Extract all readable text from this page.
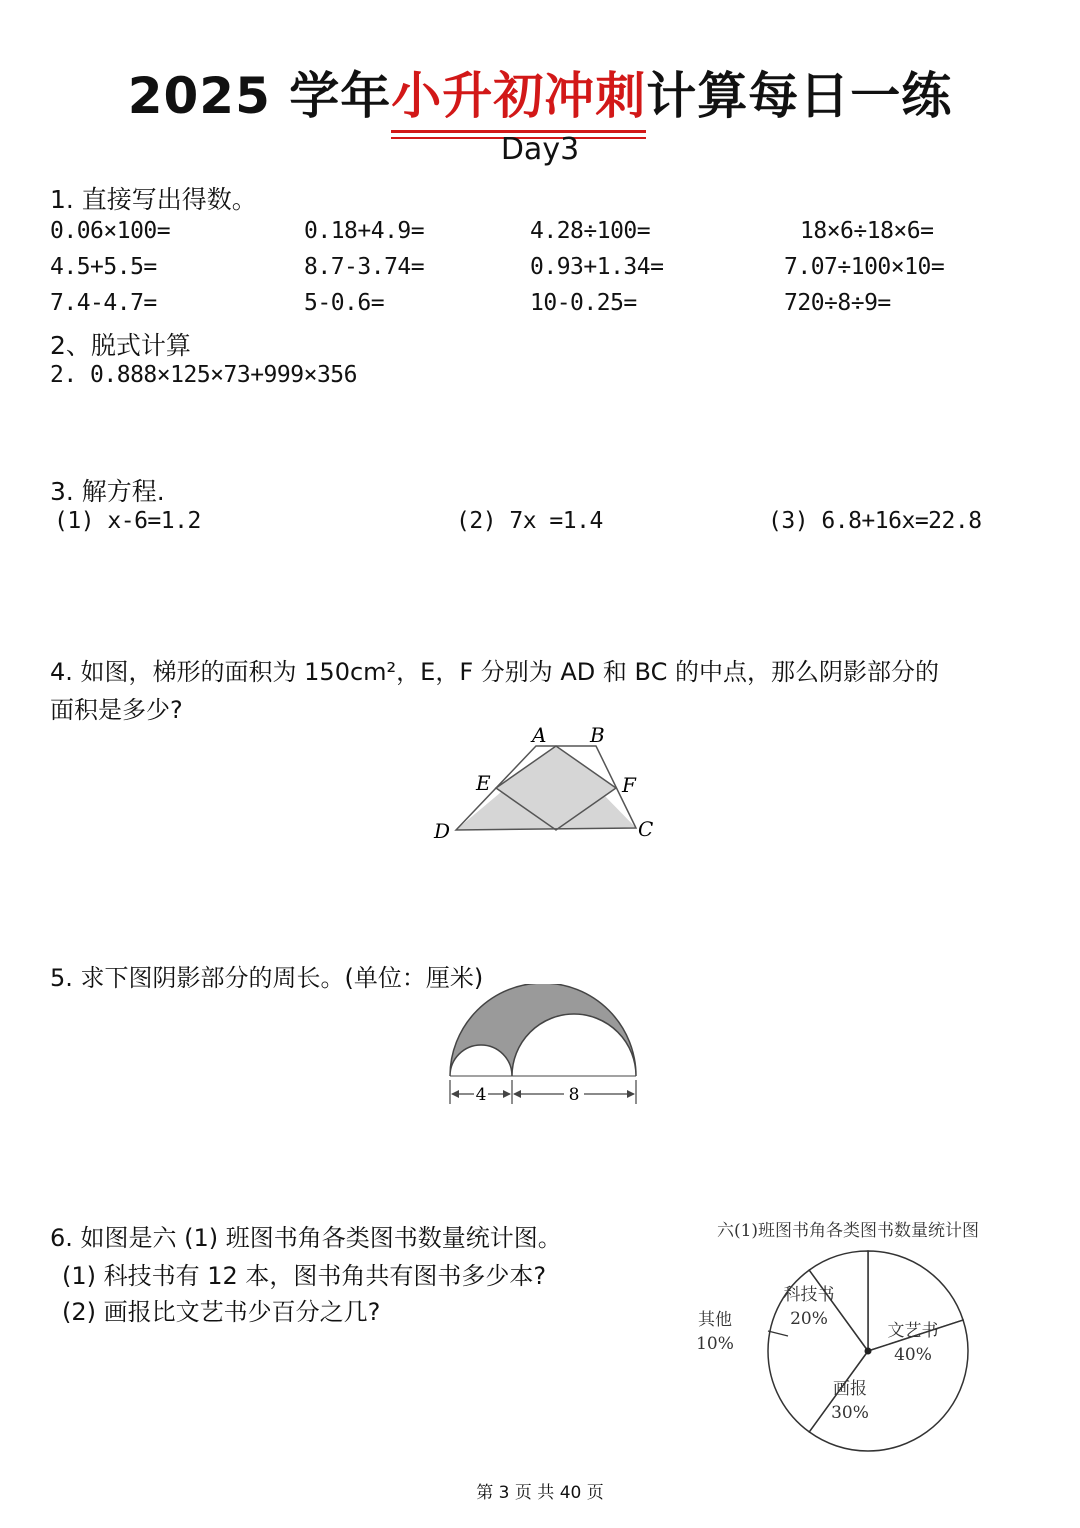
2025 学年小升初冲刺
计算每日一练
Day3
1. 直接写出得数。
0.06×100=	0.18+4.9=	4.28÷100=	18×6÷18×6=
4.5+5.5=	8.7-3.74=	0.93+1.34=	7.07÷100×10=
7.4-4.7=	5-0.6=	10-0.25=	720÷8÷9=
2、脱式计算
2. 0.888×125×73+999×356
3. 解方程.
(1) x-6=1.2	(2) 7x =1.4	(3) 6.8+16x=22.8
4. 如图，梯形的面积为 150cm²，E，F 分别为 AD 和 BC 的中点，那么阴影部分的
面积是多少?
A B
E	F
D	C
5. 求下图阴影部分的周长。(单位：厘米)
4	8
6. 如图是六 (1) 班图书角各类图书数量统计图。
(1) 科技书有 12 本，图书角共有图书多少本?
(2) 画报比文艺书少百分之几?
六(1)班图书角各类图书数量统计图
科技书
20%
文艺书
40%
画报
30%
其他
10%
第 3 页 共 40 页
